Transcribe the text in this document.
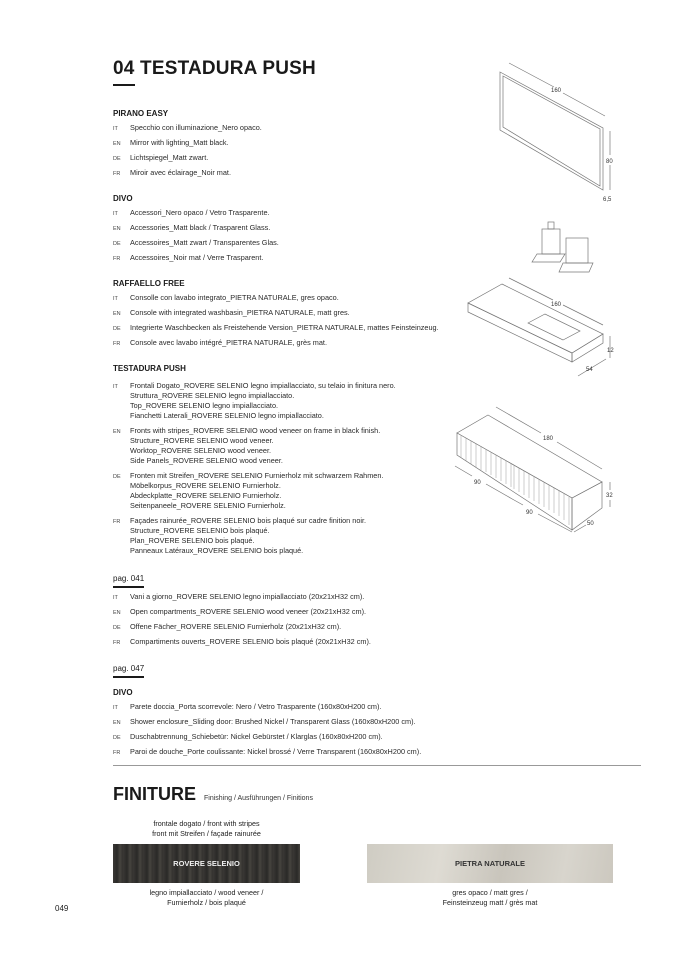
04 TESTADURA PUSH
PIRANO EASY
IT	Specchio con illuminazione_Nero opaco.
EN	Mirror with lighting_Matt black.
DE	Lichtspiegel_Matt zwart.
FR	Miroir avec éclairage_Noir mat.
DIVO
IT	Accessori_Nero opaco / Vetro Trasparente.
EN	Accessories_Matt black / Trasparent Glass.
DE	Accessoires_Matt zwart / Transparentes Glas.
FR	Accessoires_Noir mat / Verre Trasparent.
RAFFAELLO FREE
IT	Consolle con lavabo integrato_PIETRA NATURALE, gres opaco.
EN	Console with integrated washbasin_PIETRA NATURALE, matt gres.
DE	Integrierte Waschbecken als Freistehende Version_PIETRA NATURALE, mattes Feinsteinzeug.
FR	Console avec lavabo intégré_PIETRA NATURALE, grès mat.
TESTADURA PUSH
IT	Frontali Dogato_ROVERE SELENIO legno impiallacciato, su telaio in finitura nero.
Struttura_ROVERE SELENIO legno impiallacciato.
Top_ROVERE SELENIO legno impiallacciato.
Fianchetti Laterali_ROVERE SELENIO legno impiallacciato.
EN	Fronts with stripes_ROVERE SELENIO wood veneer on frame in black finish.
Structure_ROVERE SELENIO wood veneer.
Worktop_ROVERE SELENIO wood veneer.
Side Panels_ROVERE SELENIO wood veneer.
DE	Fronten mit Streifen_ROVERE SELENIO Furnierholz mit schwarzem Rahmen.
Möbelkorpus_ROVERE SELENIO Furnierholz.
Abdeckplatte_ROVERE SELENIO Furnierholz.
Seitenpaneele_ROVERE SELENIO Furnierholz.
FR	Façades rainurée_ROVERE SELENIO bois plaqué sur cadre finition noir.
Structure_ROVERE SELENIO bois plaqué.
Plan_ROVERE SELENIO bois plaqué.
Panneaux Latéraux_ROVERE SELENIO bois plaqué.
pag. 041
IT	Vani a giorno_ROVERE SELENIO legno impiallacciato (20x21xH32 cm).
EN	Open compartments_ROVERE SELENIO wood veneer (20x21xH32 cm).
DE	Offene Fächer_ROVERE SELENIO Furnierholz (20x21xH32 cm).
FR	Compartiments ouverts_ROVERE SELENIO bois plaqué (20x21xH32 cm).
pag. 047
DIVO
IT	Parete doccia_Porta scorrevole: Nero / Vetro Trasparente (160x80xH200 cm).
EN	Shower enclosure_Sliding door: Brushed Nickel / Transparent Glass (160x80xH200 cm).
DE	Duschabtrennung_Schiebetür: Nickel Gebürstet / Klarglas (160x80xH200 cm).
FR	Paroi de douche_Porte coulissante: Nickel brossé / Verre Transparent (160x80xH200 cm).
160
80
6,5
160
12
54
180
90
90
32
50
FINITURE Finishing / Ausführungen / Finitions
frontale dogato / front with stripes
front mit Streifen / façade rainurée
ROVERE SELENIO	PIETRA NATURALE
legno impiallacciato / wood veneer /
Furnierholz / bois plaqué
gres opaco / matt gres /
Feinsteinzeug matt / grès mat
049
